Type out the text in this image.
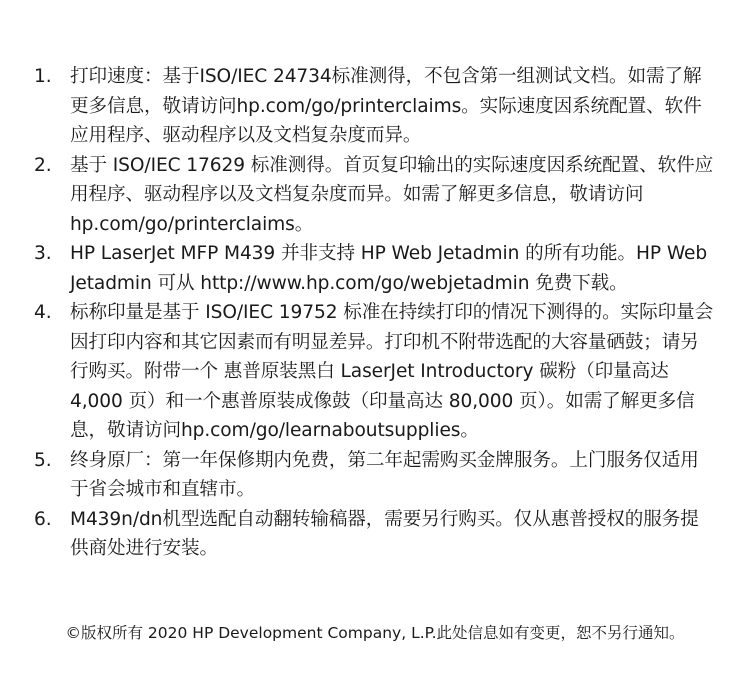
1. 打印速度：基于ISO/IEC 24734标准测得，不包含第一组测试文档。如需了解更多信息，敬请访问hp.com/go/printerclaims。实际速度因系统配置、软件应用程序、驱动程序以及文档复杂度而异。
2. 基于 ISO/IEC 17629 标准测得。首页复印输出的实际速度因系统配置、软件应用程序、驱动程序以及文档复杂度而异。如需了解更多信息，敬请访问 hp.com/go/printerclaims。
3. HP LaserJet MFP M439 并非支持 HP Web Jetadmin 的所有功能。HP Web Jetadmin 可从 http://www.hp.com/go/webjetadmin 免费下载。
4. 标称印量是基于 ISO/IEC 19752 标准在持续打印的情况下测得的。实际印量会因打印内容和其它因素而有明显差异。打印机不附带选配的大容量硒鼓；请另行购买。附带一个 惠普原装黑白 LaserJet Introductory 碳粉（印量高达 4,000 页）和一个惠普原装成像鼓（印量高达 80,000 页）。如需了解更多信息，敬请访问hp.com/go/learnaboutsupplies。
5. 终身原厂：第一年保修期内免费，第二年起需购买金牌服务。上门服务仅适用于省会城市和直辖市。
6. M439n/dn机型选配自动翻转输稿器，需要另行购买。仅从惠普授权的服务提供商处进行安装。
©版权所有 2020 HP Development Company, L.P.此处信息如有变更，恕不另行通知。
